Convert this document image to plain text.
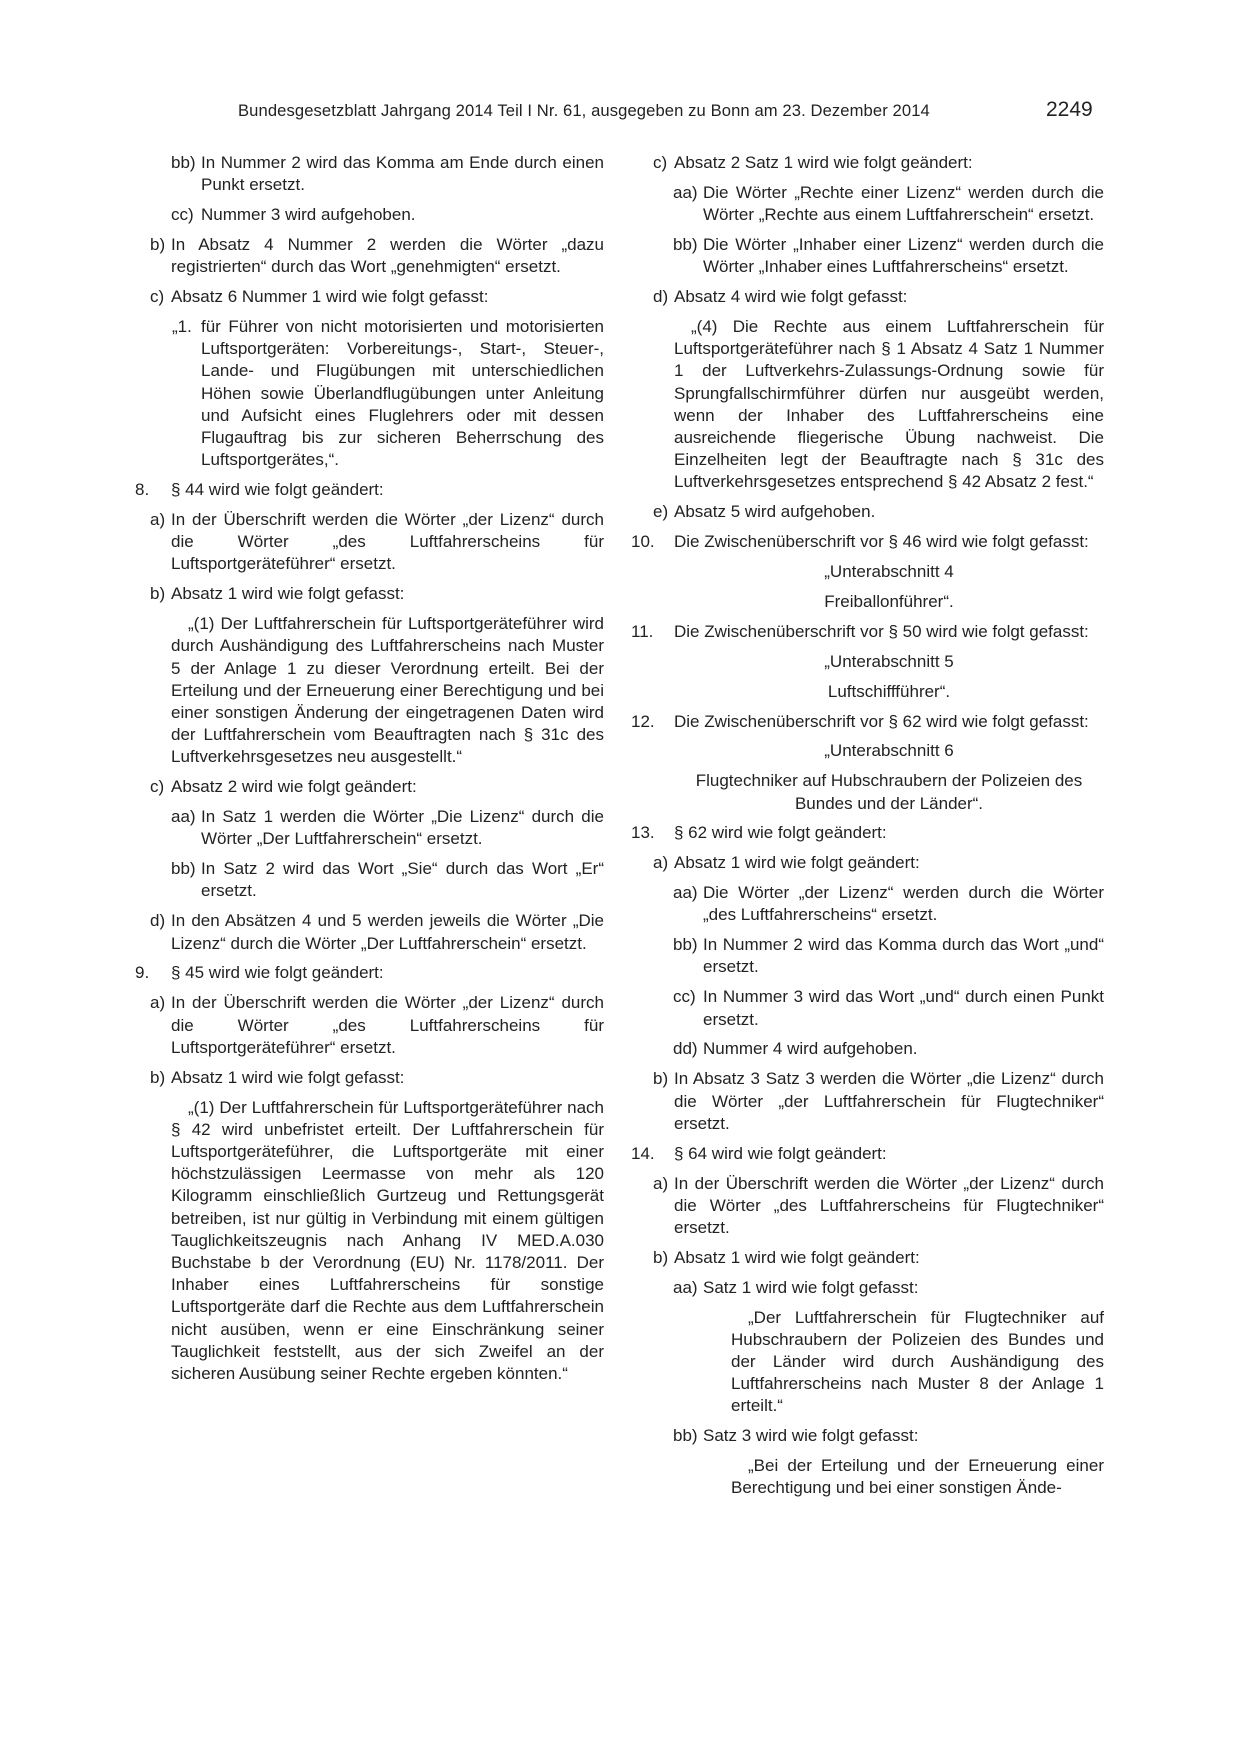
Bundesgesetzblatt Jahrgang 2014 Teil I Nr. 61, ausgegeben zu Bonn am 23. Dezember 2014	2249
bb) In Nummer 2 wird das Komma am Ende durch einen Punkt ersetzt.
cc) Nummer 3 wird aufgehoben.
b) In Absatz 4 Nummer 2 werden die Wörter „dazu registrierten“ durch das Wort „genehmigten“ ersetzt.
c) Absatz 6 Nummer 1 wird wie folgt gefasst:
„1. für Führer von nicht motorisierten und motorisierten Luftsportgeräten: Vorbereitungs-, Start-, Steuer-, Lande- und Flugübungen mit unterschiedlichen Höhen sowie Überlandflugübungen unter Anleitung und Aufsicht eines Fluglehrers oder mit dessen Flugauftrag bis zur sicheren Beherrschung des Luftsportgerätes,“.
8. § 44 wird wie folgt geändert:
a) In der Überschrift werden die Wörter „der Lizenz“ durch die Wörter „des Luftfahrerscheins für Luftsportgeräteführer“ ersetzt.
b) Absatz 1 wird wie folgt gefasst:
„(1) Der Luftfahrerschein für Luftsportgeräteführer wird durch Aushändigung des Luftfahrerscheins nach Muster 5 der Anlage 1 zu dieser Verordnung erteilt. Bei der Erteilung und der Erneuerung einer Berechtigung und bei einer sonstigen Änderung der eingetragenen Daten wird der Luftfahrerschein vom Beauftragten nach § 31c des Luftverkehrsgesetzes neu ausgestellt.“
c) Absatz 2 wird wie folgt geändert:
aa) In Satz 1 werden die Wörter „Die Lizenz“ durch die Wörter „Der Luftfahrerschein“ ersetzt.
bb) In Satz 2 wird das Wort „Sie“ durch das Wort „Er“ ersetzt.
d) In den Absätzen 4 und 5 werden jeweils die Wörter „Die Lizenz“ durch die Wörter „Der Luftfahrerschein“ ersetzt.
9. § 45 wird wie folgt geändert:
a) In der Überschrift werden die Wörter „der Lizenz“ durch die Wörter „des Luftfahrerscheins für Luftsportgeräteführer“ ersetzt.
b) Absatz 1 wird wie folgt gefasst:
„(1) Der Luftfahrerschein für Luftsportgeräteführer nach § 42 wird unbefristet erteilt. Der Luftfahrerschein für Luftsportgeräteführer, die Luftsportgeräte mit einer höchstzulässigen Leermasse von mehr als 120 Kilogramm einschließlich Gurtzeug und Rettungsgerät betreiben, ist nur gültig in Verbindung mit einem gültigen Tauglichkeitszeugnis nach Anhang IV MED.A.030 Buchstabe b der Verordnung (EU) Nr. 1178/2011. Der Inhaber eines Luftfahrerscheins für sonstige Luftsportgeräte darf die Rechte aus dem Luftfahrerschein nicht ausüben, wenn er eine Einschränkung seiner Tauglichkeit feststellt, aus der sich Zweifel an der sicheren Ausübung seiner Rechte ergeben könnten.“
c) Absatz 2 Satz 1 wird wie folgt geändert:
aa) Die Wörter „Rechte einer Lizenz“ werden durch die Wörter „Rechte aus einem Luftfahrerschein“ ersetzt.
bb) Die Wörter „Inhaber einer Lizenz“ werden durch die Wörter „Inhaber eines Luftfahrerscheins“ ersetzt.
d) Absatz 4 wird wie folgt gefasst:
„(4) Die Rechte aus einem Luftfahrerschein für Luftsportgeräteführer nach § 1 Absatz 4 Satz 1 Nummer 1 der Luftverkehrs-Zulassungs-Ordnung sowie für Sprungfallschirmführer dürfen nur ausgeübt werden, wenn der Inhaber des Luftfahrerscheins eine ausreichende fliegerische Übung nachweist. Die Einzelheiten legt der Beauftragte nach § 31c des Luftverkehrsgesetzes entsprechend § 42 Absatz 2 fest.“
e) Absatz 5 wird aufgehoben.
10. Die Zwischenüberschrift vor § 46 wird wie folgt gefasst:
„Unterabschnitt 4
Freiballonführer“.
11. Die Zwischenüberschrift vor § 50 wird wie folgt gefasst:
„Unterabschnitt 5
Luftschiffführer“.
12. Die Zwischenüberschrift vor § 62 wird wie folgt gefasst:
„Unterabschnitt 6
Flugtechniker auf Hubschraubern der Polizeien des Bundes und der Länder“.
13. § 62 wird wie folgt geändert:
a) Absatz 1 wird wie folgt geändert:
aa) Die Wörter „der Lizenz“ werden durch die Wörter „des Luftfahrerscheins“ ersetzt.
bb) In Nummer 2 wird das Komma durch das Wort „und“ ersetzt.
cc) In Nummer 3 wird das Wort „und“ durch einen Punkt ersetzt.
dd) Nummer 4 wird aufgehoben.
b) In Absatz 3 Satz 3 werden die Wörter „die Lizenz“ durch die Wörter „der Luftfahrerschein für Flugtechniker“ ersetzt.
14. § 64 wird wie folgt geändert:
a) In der Überschrift werden die Wörter „der Lizenz“ durch die Wörter „des Luftfahrerscheins für Flugtechniker“ ersetzt.
b) Absatz 1 wird wie folgt geändert:
aa) Satz 1 wird wie folgt gefasst:
„Der Luftfahrerschein für Flugtechniker auf Hubschraubern der Polizeien des Bundes und der Länder wird durch Aushändigung des Luftfahrerscheins nach Muster 8 der Anlage 1 erteilt.“
bb) Satz 3 wird wie folgt gefasst:
„Bei der Erteilung und der Erneuerung einer Berechtigung und bei einer sonstigen Ände-
